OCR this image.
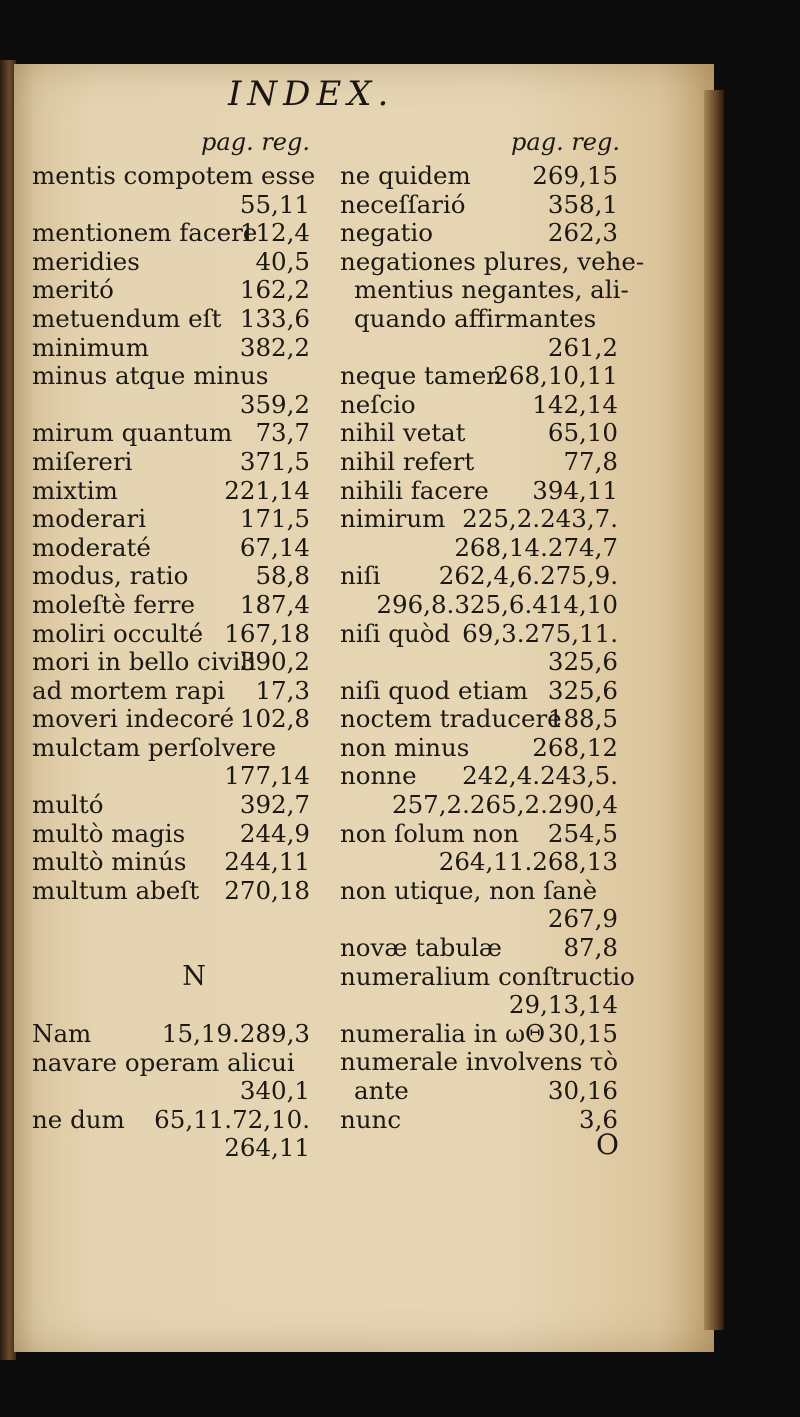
INDEX.
pag. reg.
mentis compotem esse
55,11
mentionem facere
112,4
meridies	40,5
meritó	162,2
metuendum eſt 133,6
minimum	382,2
minus atque minus
359,2
mirum quantum 73,7
miſereri	371,5
mixtim	221,14
moderari	171,5
moderaté	67,14
modus, ratio	58,8
moleſtè ferre 187,4
moliri occulté 167,18
mori in bello civili
390,2
ad mortem rapi 17,3
moveri indecoré 102,8
mulctam perſolvere
177,14
multó	392,7
multò magis 244,9
multò minús 244,11
multum abeſt 270,18
N
Nam	15,19.289,3
navare operam alicui
340,1
ne dum 65,11.72,10.
264,11
pag. reg.
ne quidem	269,15
neceſſarió	358,1
negatio	262,3
negationes plures, vehe-
mentius negantes, ali-
quando affirmantes
261,2
neque tamen
268,10,11
neſcio	142,14
nihil vetat	65,10
nihil refert	77,8
nihili facere 394,11
nimirum 225,2.243,7.
268,14.274,7
niſi 262,4,6.275,9.
296,8.325,6.414,10
niſi quòd 69,3.275,11.
325,6
niſi quod etiam 325,6
noctem traducere
188,5
non minus	268,12
nonne 242,4.243,5.
257,2.265,2.290,4
non ſolum non 254,5
264,11.268,13
non utique, non ſanè
267,9
novæ tabulæ	87,8
numeralium conſtructio
29,13,14
numeralia in ωΘ 30,15
numerale involvens τὸ
ante	30,16
nunc	3,6
O
